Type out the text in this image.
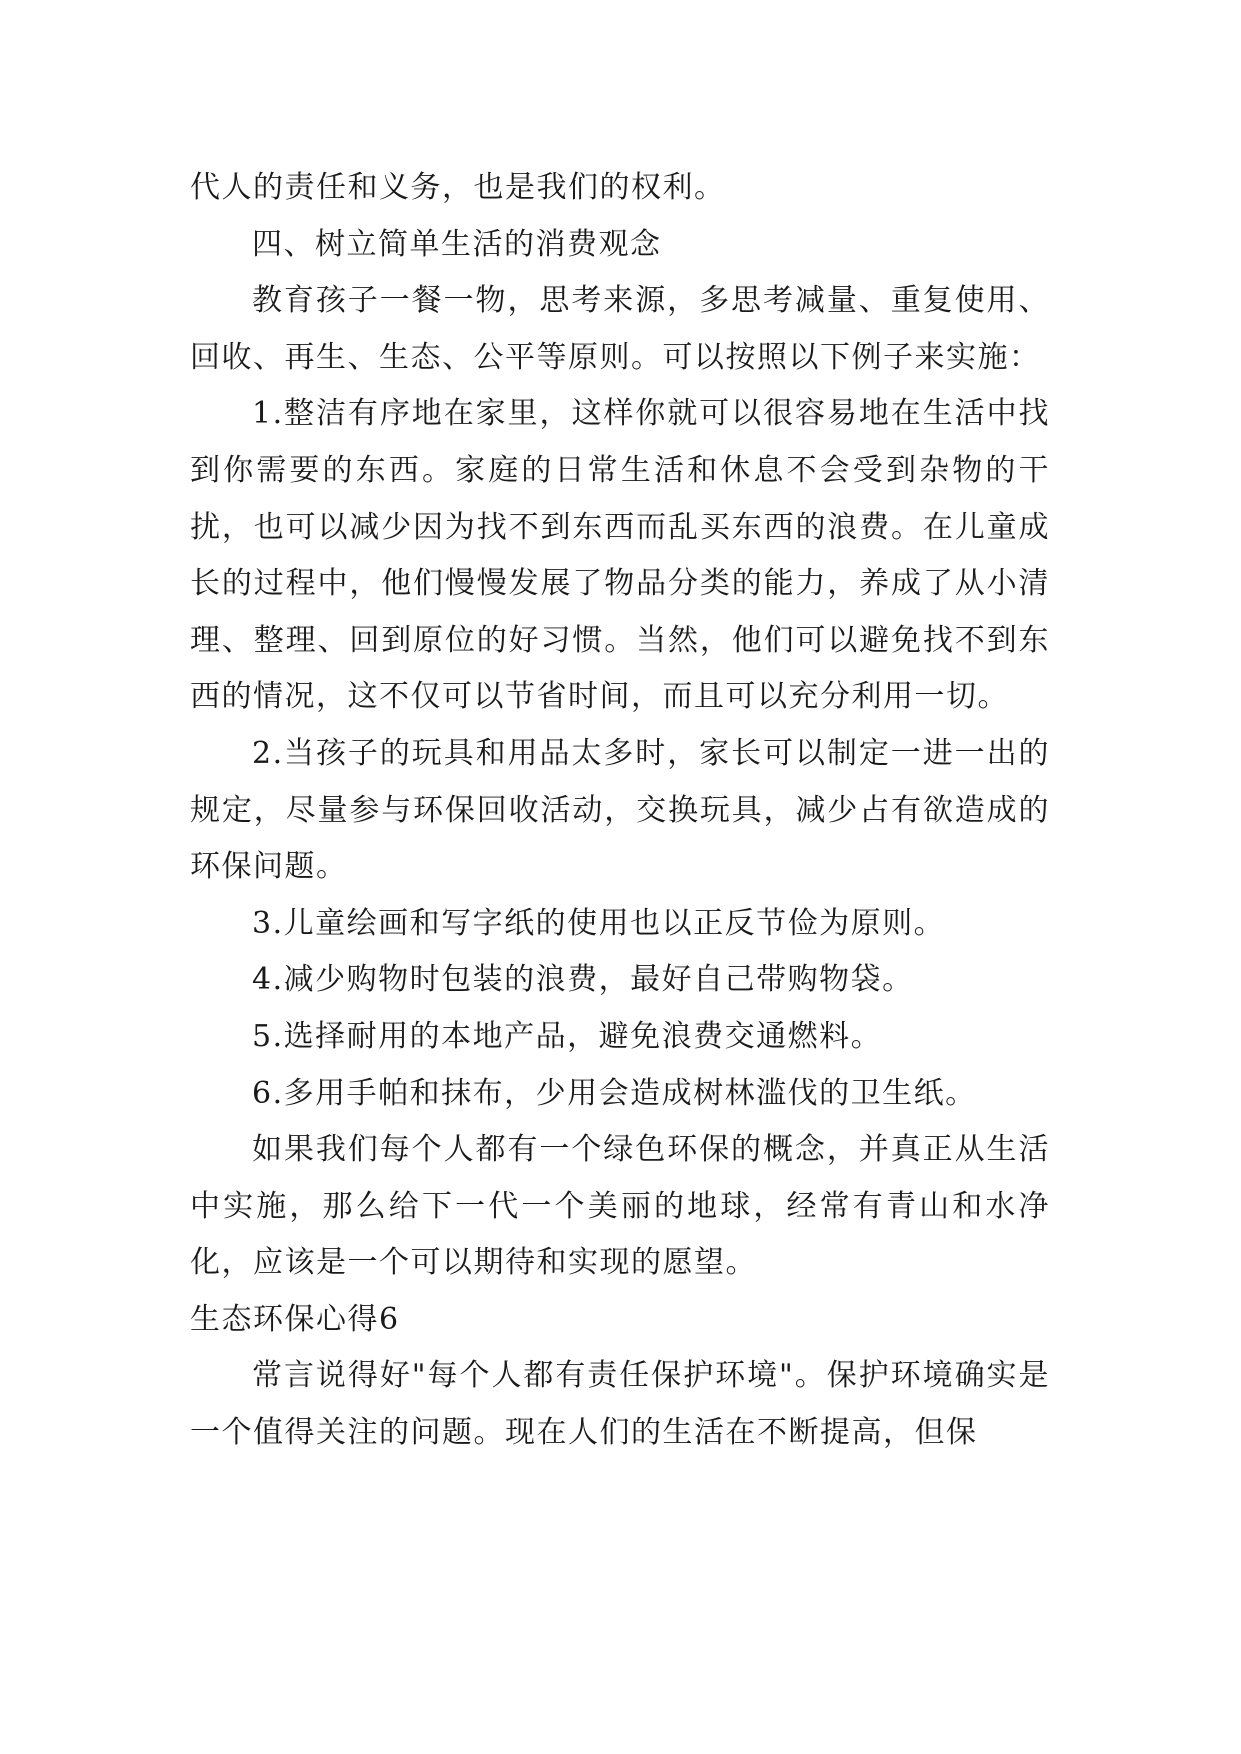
代人的责任和义务，也是我们的权利。

四、树立简单生活的消费观念

教育孩子一餐一物，思考来源，多思考减量、重复使用、回收、再生、生态、公平等原则。可以按照以下例子来实施：

1.整洁有序地在家里，这样你就可以很容易地在生活中找到你需要的东西。家庭的日常生活和休息不会受到杂物的干扰，也可以减少因为找不到东西而乱买东西的浪费。在儿童成长的过程中，他们慢慢发展了物品分类的能力，养成了从小清理、整理、回到原位的好习惯。当然，他们可以避免找不到东西的情况，这不仅可以节省时间，而且可以充分利用一切。

2.当孩子的玩具和用品太多时，家长可以制定一进一出的规定，尽量参与环保回收活动，交换玩具，减少占有欲造成的环保问题。

3.儿童绘画和写字纸的使用也以正反节俭为原则。

4.减少购物时包装的浪费，最好自己带购物袋。

5.选择耐用的本地产品，避免浪费交通燃料。

6.多用手帕和抹布，少用会造成树林滥伐的卫生纸。

如果我们每个人都有一个绿色环保的概念，并真正从生活中实施，那么给下一代一个美丽的地球，经常有青山和水净化，应该是一个可以期待和实现的愿望。

生态环保心得6

常言说得好"每个人都有责任保护环境"。保护环境确实是一个值得关注的问题。现在人们的生活在不断提高，但保
